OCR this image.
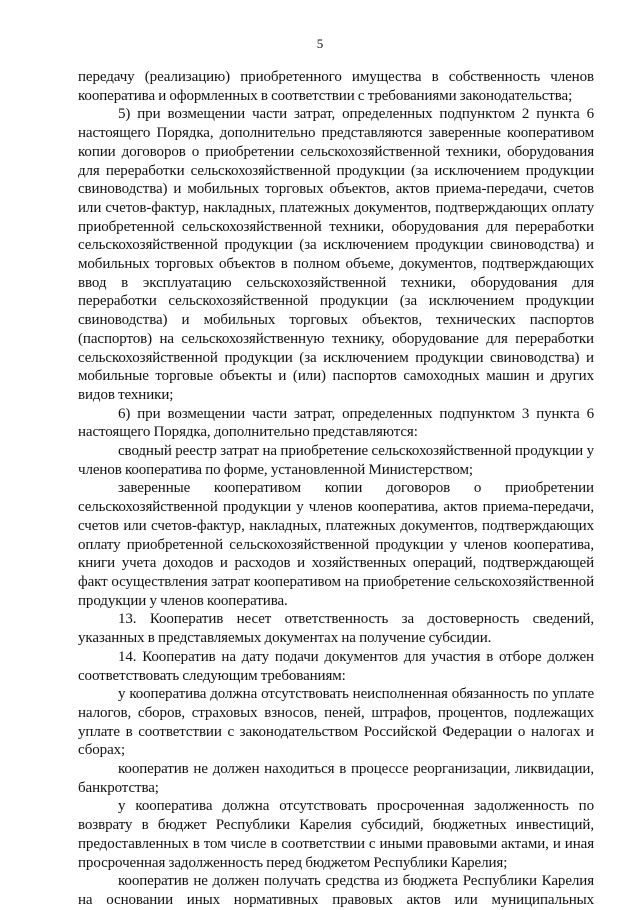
5

передачу (реализацию) приобретенного имущества в собственность членов кооператива и оформленных в соответствии с требованиями законодательства;

5) при возмещении части затрат, определенных подпунктом 2 пункта 6 настоящего Порядка, дополнительно представляются заверенные кооперативом копии договоров о приобретении сельскохозяйственной техники, оборудования для переработки сельскохозяйственной продукции (за исключением продукции свиноводства) и мобильных торговых объектов, актов приема-передачи, счетов или счетов-фактур, накладных, платежных документов, подтверждающих оплату приобретенной сельскохозяйственной техники, оборудования для переработки сельскохозяйственной продукции (за исключением продукции свиноводства) и мобильных торговых объектов в полном объеме, документов, подтверждающих ввод в эксплуатацию сельскохозяйственной техники, оборудования для переработки сельскохозяйственной продукции (за исключением продукции свиноводства) и мобильных торговых объектов, технических паспортов (паспортов) на сельскохозяйственную технику, оборудование для переработки сельскохозяйственной продукции (за исключением продукции свиноводства) и мобильные торговые объекты и (или) паспортов самоходных машин и других видов техники;

6) при возмещении части затрат, определенных подпунктом 3 пункта 6 настоящего Порядка, дополнительно представляются:

сводный реестр затрат на приобретение сельскохозяйственной продукции у членов кооператива по форме, установленной Министерством;

заверенные кооперативом копии договоров о приобретении сельскохозяйственной продукции у членов кооператива, актов приема-передачи, счетов или счетов-фактур, накладных, платежных документов, подтверждающих оплату приобретенной сельскохозяйственной продукции у членов кооператива, книги учета доходов и расходов и хозяйственных операций, подтверждающей факт осуществления затрат кооперативом на приобретение сельскохозяйственной продукции у членов кооператива.

13. Кооператив несет ответственность за достоверность сведений, указанных в представляемых документах на получение субсидии.

14. Кооператив на дату подачи документов для участия в отборе должен соответствовать следующим требованиям:

у кооператива должна отсутствовать неисполненная обязанность по уплате налогов, сборов, страховых взносов, пеней, штрафов, процентов, подлежащих уплате в соответствии с законодательством Российской Федерации о налогах и сборах;

кооператив не должен находиться в процессе реорганизации, ликвидации, банкротства;

у кооператива должна отсутствовать просроченная задолженность по возврату в бюджет Республики Карелия субсидий, бюджетных инвестиций, предоставленных в том числе в соответствии с иными правовыми актами, и иная просроченная задолженность перед бюджетом Республики Карелия;

кооператив не должен получать средства из бюджета Республики Карелия на основании иных нормативных правовых актов или муниципальных
